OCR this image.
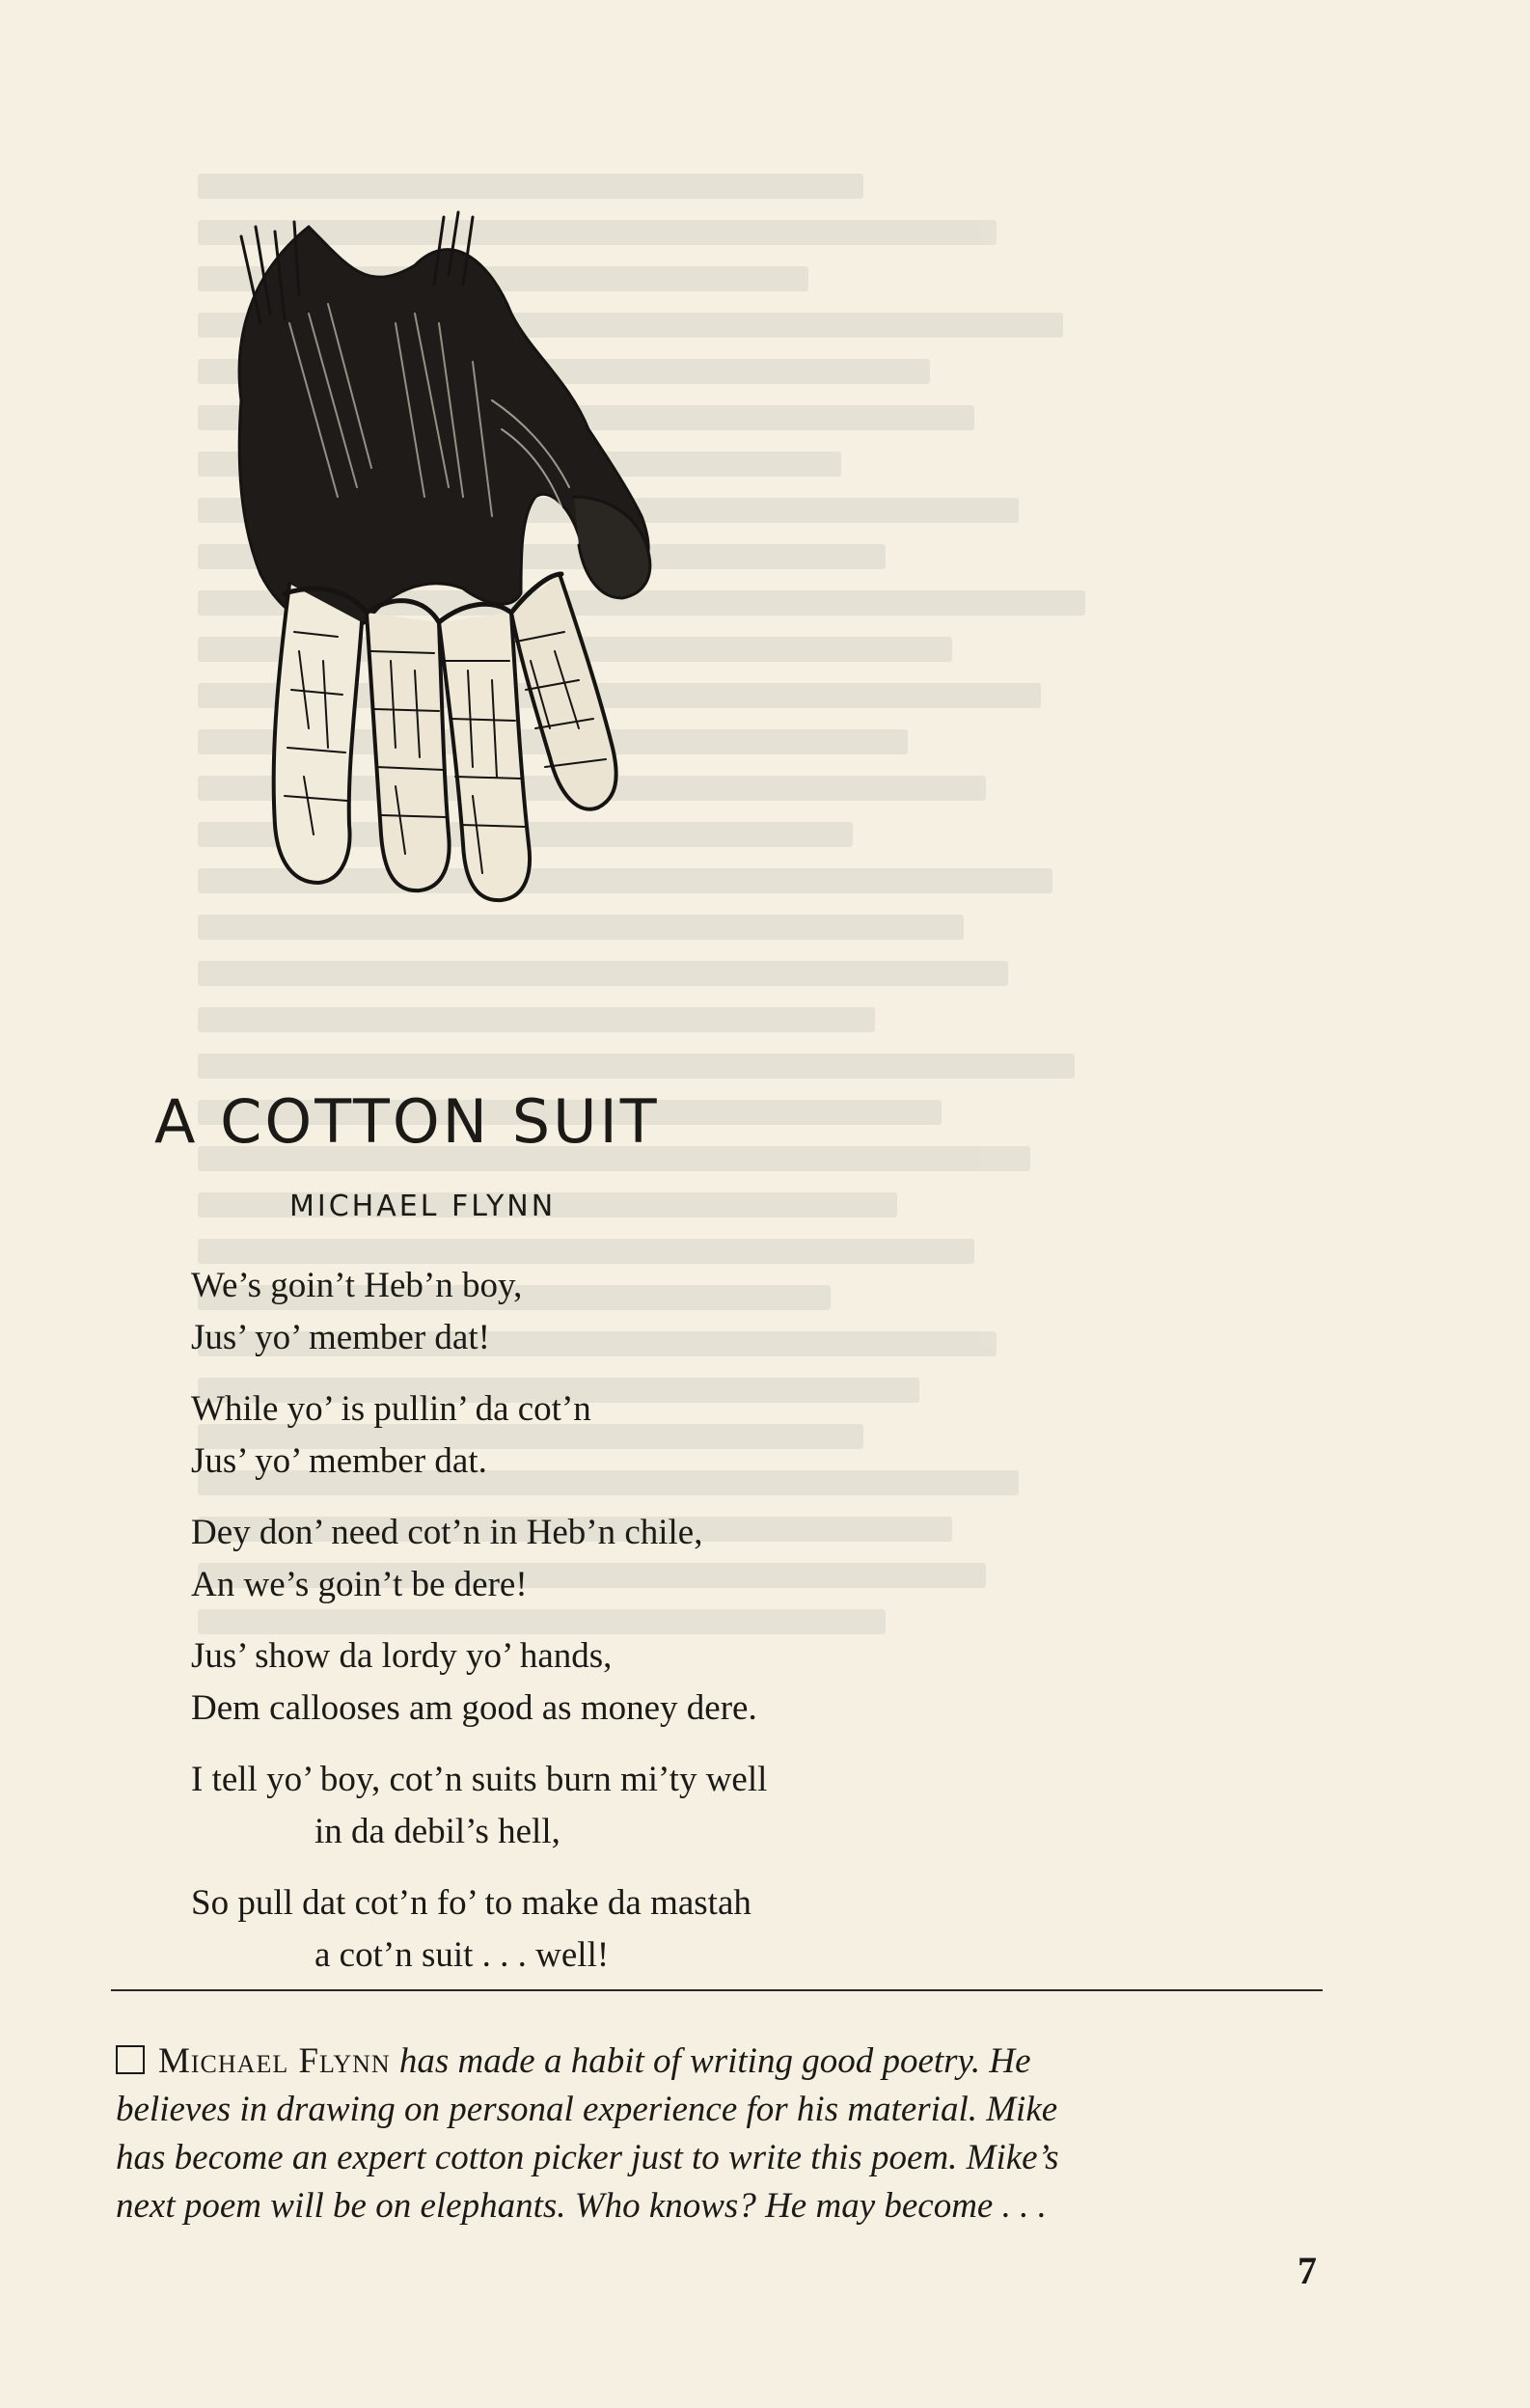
A COTTON SUIT
MICHAEL FLYNN
We’s goin’t Heb’n boy,
Jus’ yo’ member dat!
While yo’ is pullin’ da cot’n
Jus’ yo’ member dat.
Dey don’ need cot’n in Heb’n chile,
An we’s goin’t be dere!
Jus’ show da lordy yo’ hands,
Dem callooses am good as money dere.
I tell yo’ boy, cot’n suits burn mi’ty well
in da debil’s hell,
So pull dat cot’n fo’ to make da mastah
a cot’n suit . . . well!
Michael Flynn has made a habit of writing good poetry. He
believes in drawing on personal experience for his material. Mike
has become an expert cotton picker just to write this poem. Mike’s
next poem will be on elephants. Who knows? He may become . . .
7
